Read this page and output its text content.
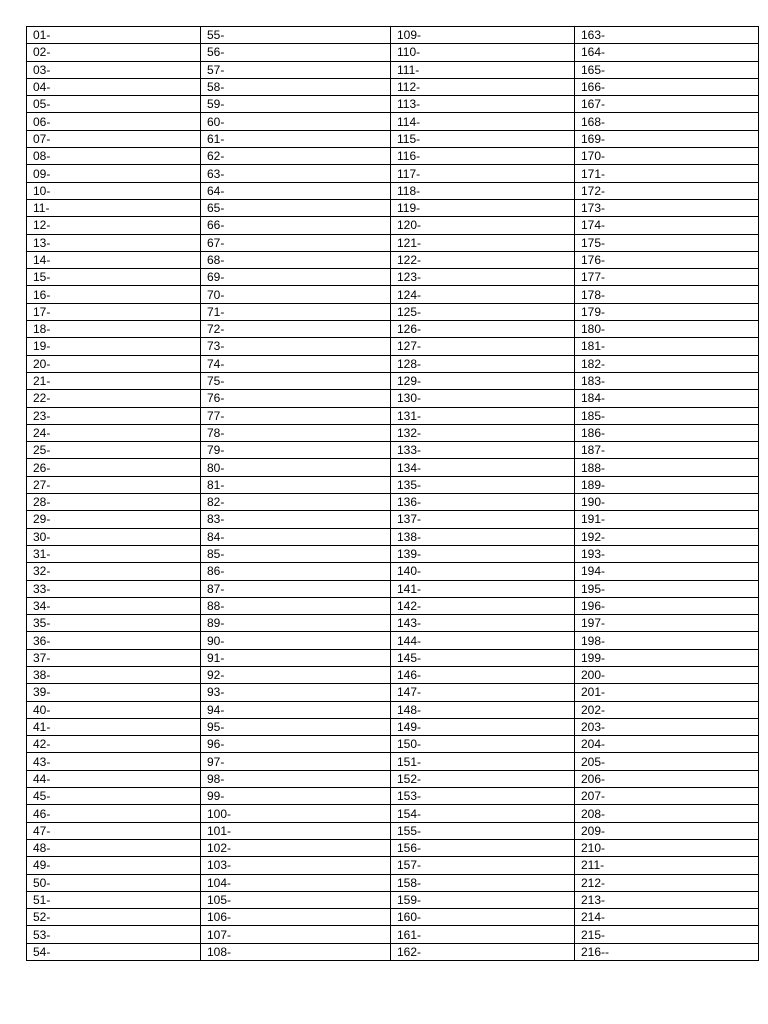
01-	55-	109-	163-
02-	56-	110-	164-
03-	57-	111-	165-
04-	58-	112-	166-
05-	59-	113-	167-
06-	60-	114-	168-
07-	61-	115-	169-
08-	62-	116-	170-
09-	63-	117-	171-
10-	64-	118-	172-
11-	65-	119-	173-
12-	66-	120-	174-
13-	67-	121-	175-
14-	68-	122-	176-
15-	69-	123-	177-
16-	70-	124-	178-
17-	71-	125-	179-
18-	72-	126-	180-
19-	73-	127-	181-
20-	74-	128-	182-
21-	75-	129-	183-
22-	76-	130-	184-
23-	77-	131-	185-
24-	78-	132-	186-
25-	79-	133-	187-
26-	80-	134-	188-
27-	81-	135-	189-
28-	82-	136-	190-
29-	83-	137-	191-
30-	84-	138-	192-
31-	85-	139-	193-
32-	86-	140-	194-
33-	87-	141-	195-
34-	88-	142-	196-
35-	89-	143-	197-
36-	90-	144-	198-
37-	91-	145-	199-
38-	92-	146-	200-
39-	93-	147-	201-
40-	94-	148-	202-
41-	95-	149-	203-
42-	96-	150-	204-
43-	97-	151-	205-
44-	98-	152-	206-
45-	99-	153-	207-
46-	100-	154-	208-
47-	101-	155-	209-
48-	102-	156-	210-
49-	103-	157-	211-
50-	104-	158-	212-
51-	105-	159-	213-
52-	106-	160-	214-
53-	107-	161-	215-
54-	108-	162-	216--
